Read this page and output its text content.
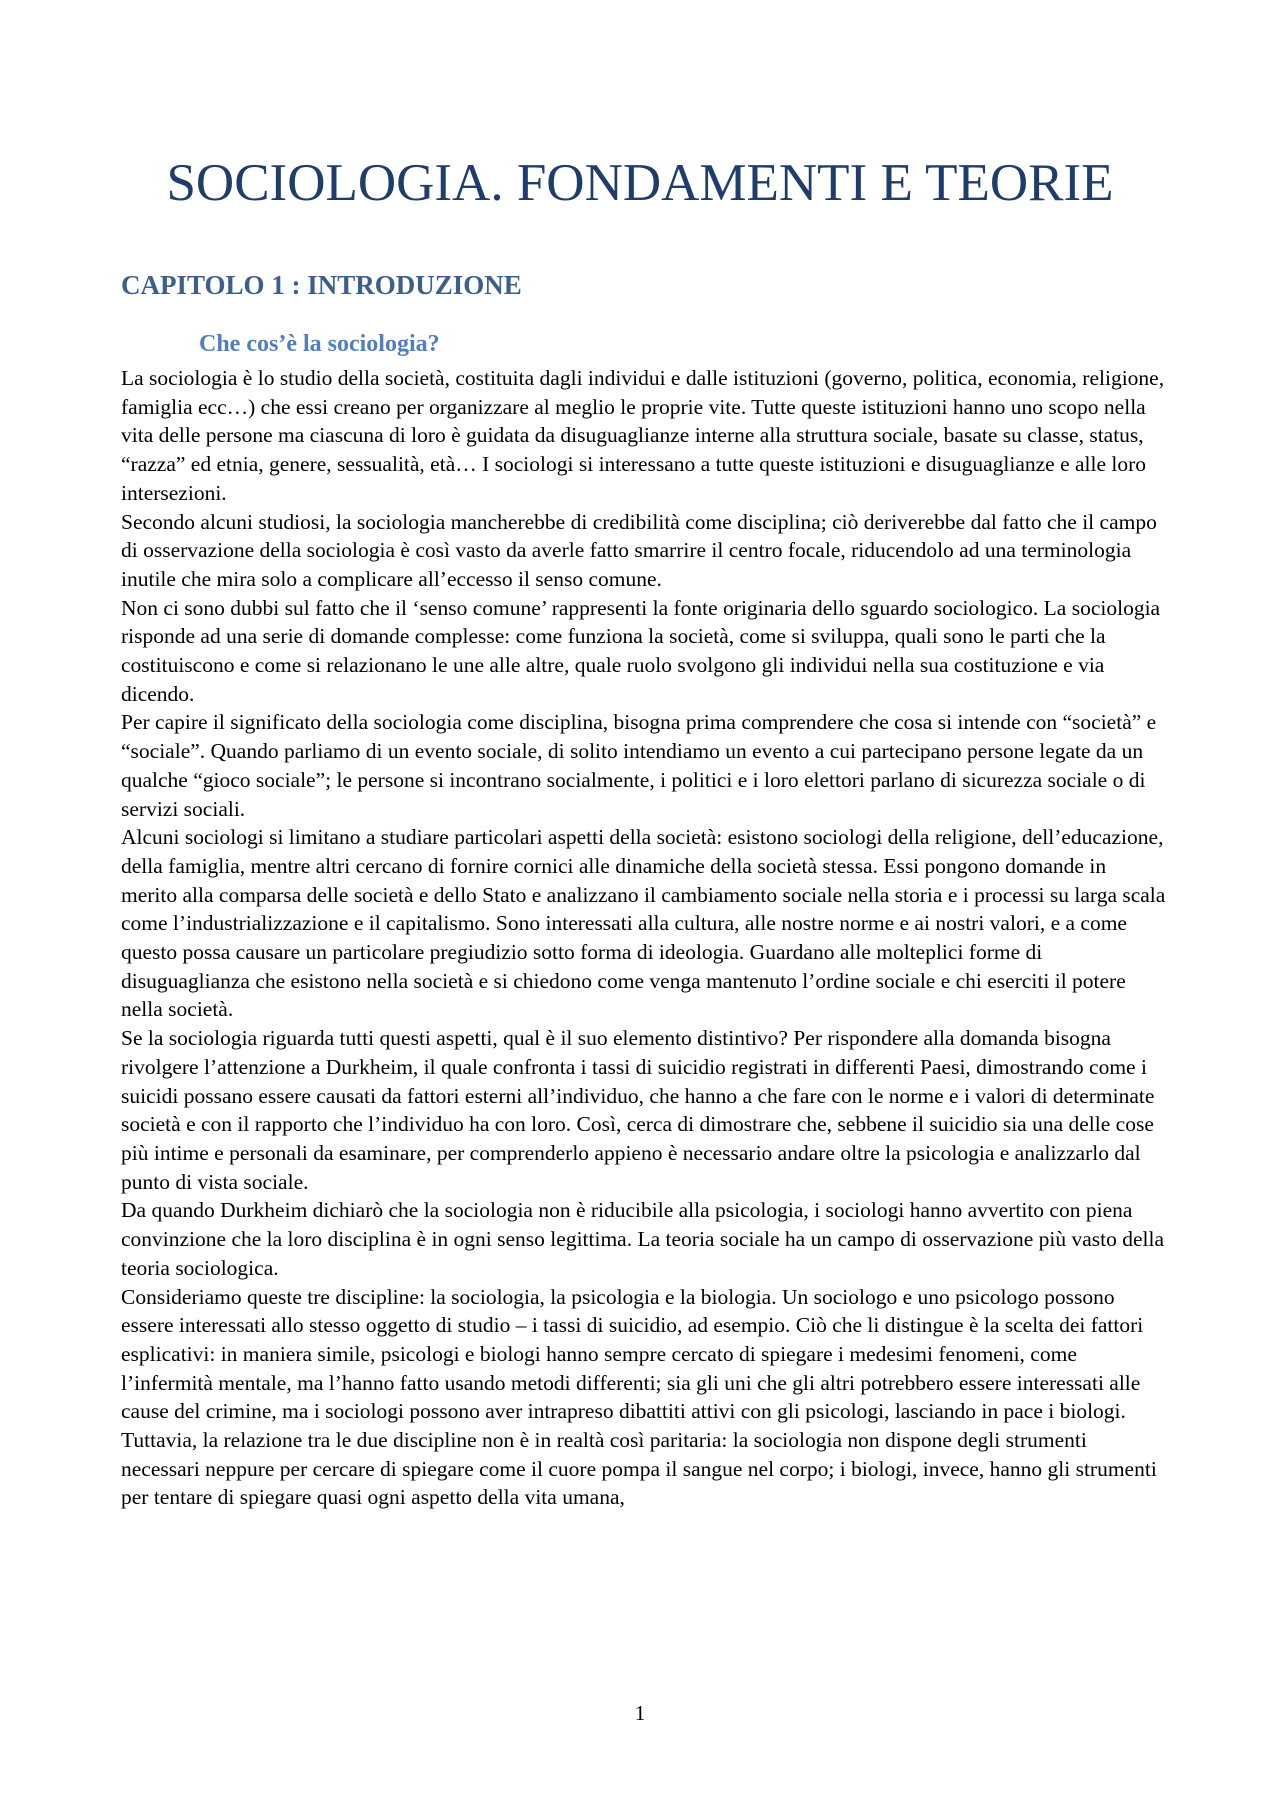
SOCIOLOGIA. FONDAMENTI E TEORIE
CAPITOLO 1 : INTRODUZIONE
Che cos’è la sociologia?

La sociologia è lo studio della società, costituita dagli individui e dalle istituzioni (governo, politica, economia, religione, famiglia ecc…) che essi creano per organizzare al meglio le proprie vite. Tutte queste istituzioni hanno uno scopo nella vita delle persone ma ciascuna di loro è guidata da disuguaglianze interne alla struttura sociale, basate su classe, status, “razza” ed etnia, genere, sessualità, età… I sociologi si interessano a tutte queste istituzioni e disuguaglianze e alle loro intersezioni.

Secondo alcuni studiosi, la sociologia mancherebbe di credibilità come disciplina; ciò deriverebbe dal fatto che il campo di osservazione della sociologia è così vasto da averle fatto smarrire il centro focale, riducendolo ad una terminologia inutile che mira solo a complicare all’eccesso il senso comune.

Non ci sono dubbi sul fatto che il ‘senso comune’ rappresenti la fonte originaria dello sguardo sociologico. La sociologia risponde ad una serie di domande complesse: come funziona la società, come si sviluppa, quali sono le parti che la costituiscono e come si relazionano le une alle altre, quale ruolo svolgono gli individui nella sua costituzione e via dicendo.

Per capire il significato della sociologia come disciplina, bisogna prima comprendere che cosa si intende con “società” e “sociale”. Quando parliamo di un evento sociale, di solito intendiamo un evento a cui partecipano persone legate da un qualche “gioco sociale”; le persone si incontrano socialmente, i politici e i loro elettori parlano di sicurezza sociale o di servizi sociali.

Alcuni sociologi si limitano a studiare particolari aspetti della società: esistono sociologi della religione, dell’educazione, della famiglia, mentre altri cercano di fornire cornici alle dinamiche della società stessa. Essi pongono domande in merito alla comparsa delle società e dello Stato e analizzano il cambiamento sociale nella storia e i processi su larga scala come l’industrializzazione e il capitalismo. Sono interessati alla cultura, alle nostre norme e ai nostri valori, e a come questo possa causare un particolare pregiudizio sotto forma di ideologia. Guardano alle molteplici forme di disuguaglianza che esistono nella società e si chiedono come venga mantenuto l’ordine sociale e chi eserciti il potere nella società.

Se la sociologia riguarda tutti questi aspetti, qual è il suo elemento distintivo? Per rispondere alla domanda bisogna rivolgere l’attenzione a Durkheim, il quale confronta i tassi di suicidio registrati in differenti Paesi, dimostrando come i suicidi possano essere causati da fattori esterni all’individuo, che hanno a che fare con le norme e i valori di determinate società e con il rapporto che l’individuo ha con loro. Così, cerca di dimostrare che, sebbene il suicidio sia una delle cose più intime e personali da esaminare, per comprenderlo appieno è necessario andare oltre la psicologia e analizzarlo dal punto di vista sociale.

Da quando Durkheim dichiarò che la sociologia non è riducibile alla psicologia, i sociologi hanno avvertito con piena convinzione che la loro disciplina è in ogni senso legittima. La teoria sociale ha un campo di osservazione più vasto della teoria sociologica.

Consideriamo queste tre discipline: la sociologia, la psicologia e la biologia. Un sociologo e uno psicologo possono essere interessati allo stesso oggetto di studio – i tassi di suicidio, ad esempio. Ciò che li distingue è la scelta dei fattori esplicativi: in maniera simile, psicologi e biologi hanno sempre cercato di spiegare i medesimi fenomeni, come l’infermità mentale, ma l’hanno fatto usando metodi differenti; sia gli uni che gli altri potrebbero essere interessati alle cause del crimine, ma i sociologi possono aver intrapreso dibattiti attivi con gli psicologi, lasciando in pace i biologi.

Tuttavia, la relazione tra le due discipline non è in realtà così paritaria: la sociologia non dispone degli strumenti necessari neppure per cercare di spiegare come il cuore pompa il sangue nel corpo; i biologi, invece, hanno gli strumenti per tentare di spiegare quasi ogni aspetto della vita umana,

1
